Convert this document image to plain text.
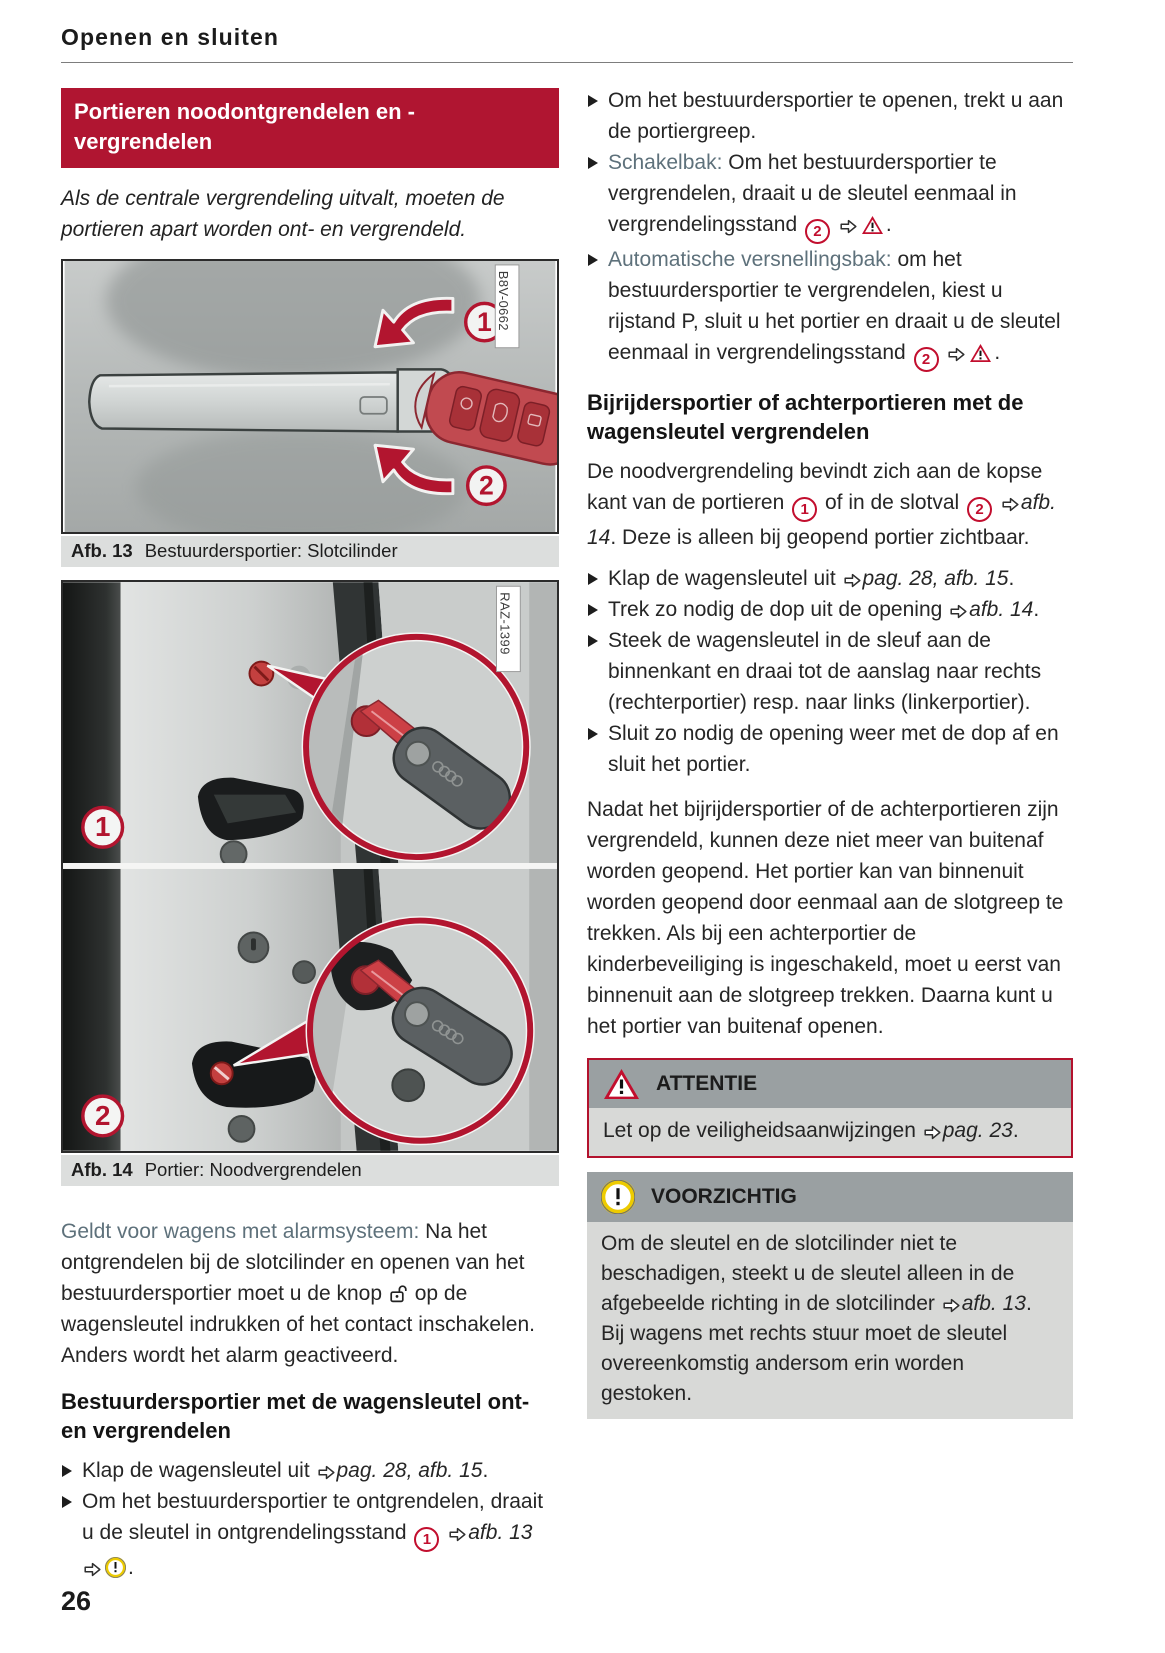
Openen en sluiten
Portieren noodontgrendelen en -vergrendelen

Als de centrale vergrendeling uitvalt, moeten de portieren apart worden ont- en vergrendeld.

1
2
B8V-0662
Afb. 13 Bestuurdersportier: Slotcilinder
1
RAZ-1399
2
Afb. 14 Portier: Noodvergrendelen

Geldt voor wagens met alarmsysteem: Na het ontgrendelen bij de slotcilinder en openen van het bestuurdersportier moet u de knop  op de wagensleutel indrukken of het contact inschakelen. Anders wordt het alarm geactiveerd.

Bestuurdersportier met de wagensleutel ont- en vergrendelen
Klap de wagensleutel uit pag. 28, afb. 15.
Om het bestuurdersportier te ontgrendelen, draait u de sleutel in ontgrendelingsstand 1 afb. 13 .
Om het bestuurdersportier te openen, trekt u aan de portiergreep.
Schakelbak: Om het bestuurdersportier te vergrendelen, draait u de sleutel eenmaal in vergrendelingsstand 2	.
Automatische versnellingsbak: om het bestuurdersportier te vergrendelen, kiest u rijstand P, sluit u het portier en draait u de sleutel eenmaal in vergrendelingsstand 2	.
Bijrijdersportier of achterportieren met de wagensleutel vergrendelen

De noodvergrendeling bevindt zich aan de kopse kant van de portieren 1 of in de slotval 2 afb. 14. Deze is alleen bij geopend portier zichtbaar.

Klap de wagensleutel uit pag. 28, afb. 15.
Trek zo nodig de dop uit de opening afb. 14.
Steek de wagensleutel in de sleuf aan de binnenkant en draai tot de aanslag naar rechts (rechterportier) resp. naar links (linkerportier).
Sluit zo nodig de opening weer met de dop af en sluit het portier.

Nadat het bijrijdersportier of de achterportieren zijn vergrendeld, kunnen deze niet meer van buitenaf worden geopend. Het portier kan van binnenuit worden geopend door eenmaal aan de slotgreep te trekken. Als bij een achterportier de kinderbeveiliging is ingeschakeld, moet u eerst van binnenuit aan de slotgreep trekken. Daarna kunt u het portier van buitenaf openen.

ATTENTIE
Let op de veiligheidsaanwijzingen pag. 23.
VOORZICHTIG
Om de sleutel en de slotcilinder niet te beschadigen, steekt u de sleutel alleen in de afgebeelde richting in de slotcilinder afb. 13. Bij wagens met rechts stuur moet de sleutel overeenkomstig andersom erin worden gestoken.
26
